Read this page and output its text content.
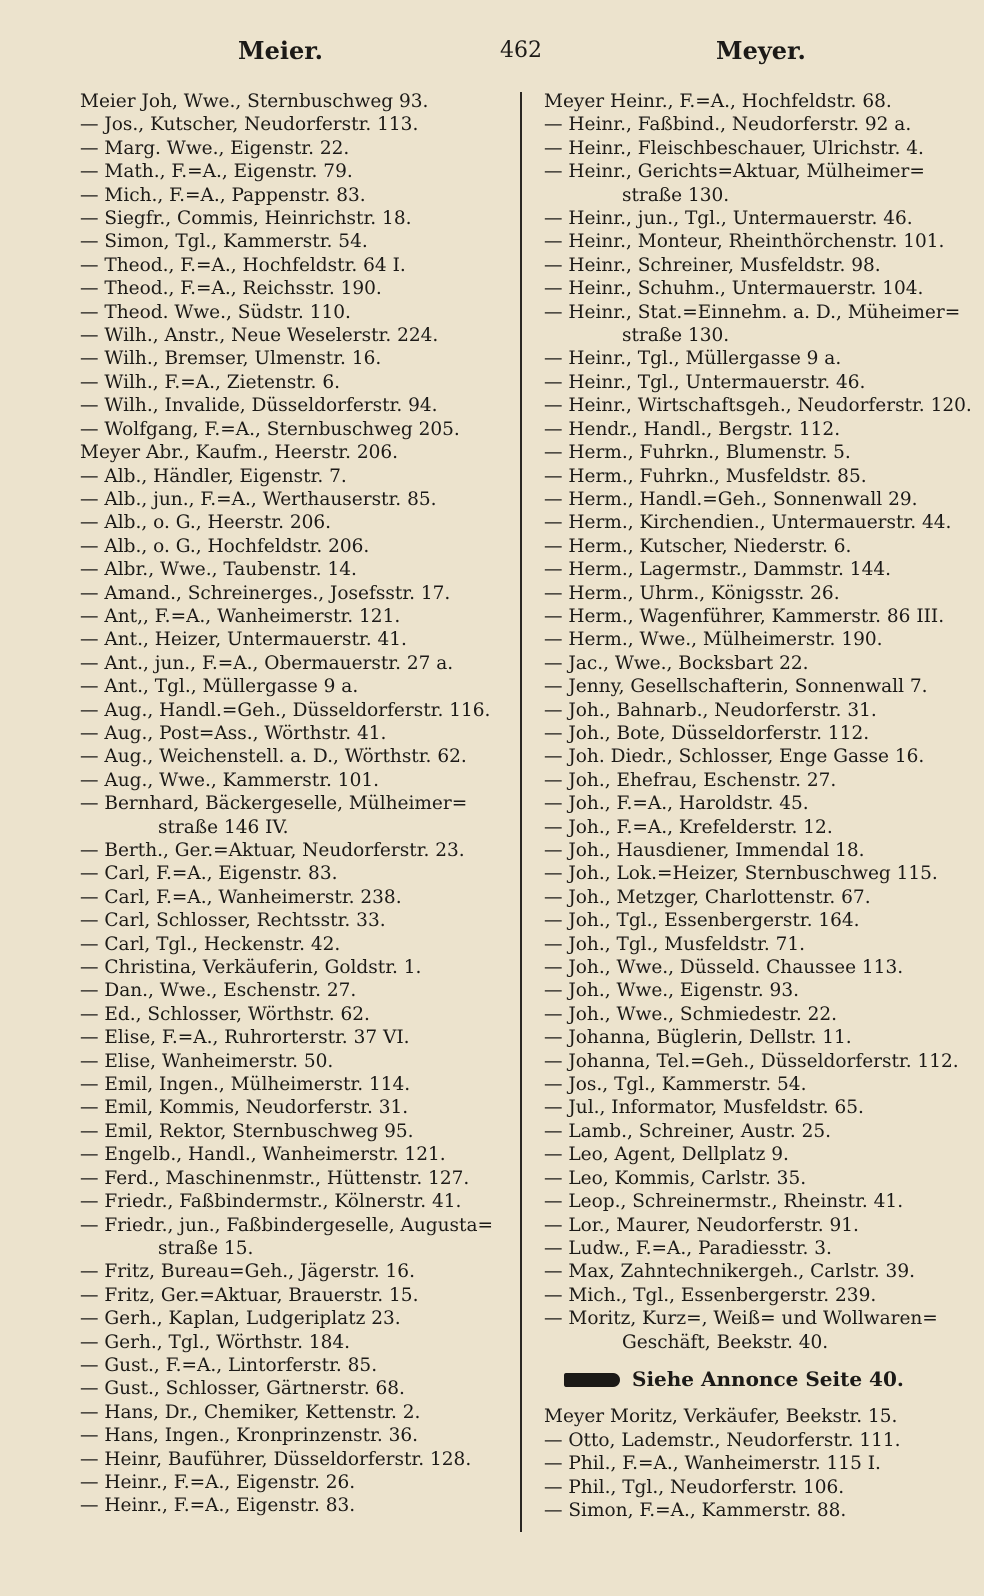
Meier.	462	Meyer.
Meier Joh, Wwe., Sternbuschweg 93.
— Jos., Kutscher, Neudorferstr. 113.
— Marg. Wwe., Eigenstr. 22.
— Math., F.=A., Eigenstr. 79.
— Mich., F.=A., Pappenstr. 83.
— Siegfr., Commis, Heinrichstr. 18.
— Simon, Tgl., Kammerstr. 54.
— Theod., F.=A., Hochfeldstr. 64 I.
— Theod., F.=A., Reichsstr. 190.
— Theod. Wwe., Südstr. 110.
— Wilh., Anstr., Neue Weselerstr. 224.
— Wilh., Bremser, Ulmenstr. 16.
— Wilh., F.=A., Zietenstr. 6.
— Wilh., Invalide, Düsseldorferstr. 94.
— Wolfgang, F.=A., Sternbuschweg 205.
Meyer Abr., Kaufm., Heerstr. 206.
— Alb., Händler, Eigenstr. 7.
— Alb., jun., F.=A., Werthauserstr. 85.
— Alb., o. G., Heerstr. 206.
— Alb., o. G., Hochfeldstr. 206.
— Albr., Wwe., Taubenstr. 14.
— Amand., Schreinerges., Josefsstr. 17.
— Ant,, F.=A., Wanheimerstr. 121.
— Ant., Heizer, Untermauerstr. 41.
— Ant., jun., F.=A., Obermauerstr. 27 a.
— Ant., Tgl., Müllergasse 9 a.
— Aug., Handl.=Geh., Düsseldorferstr. 116.
— Aug., Post=Ass., Wörthstr. 41.
— Aug., Weichenstell. a. D., Wörthstr. 62.
— Aug., Wwe., Kammerstr. 101.
— Bernhard, Bäckergeselle, Mülheimer=
straße 146 IV.
— Berth., Ger.=Aktuar, Neudorferstr. 23.
— Carl, F.=A., Eigenstr. 83.
— Carl, F.=A., Wanheimerstr. 238.
— Carl, Schlosser, Rechtsstr. 33.
— Carl, Tgl., Heckenstr. 42.
— Christina, Verkäuferin, Goldstr. 1.
— Dan., Wwe., Eschenstr. 27.
— Ed., Schlosser, Wörthstr. 62.
— Elise, F.=A., Ruhrorterstr. 37 VI.
— Elise, Wanheimerstr. 50.
— Emil, Ingen., Mülheimerstr. 114.
— Emil, Kommis, Neudorferstr. 31.
— Emil, Rektor, Sternbuschweg 95.
— Engelb., Handl., Wanheimerstr. 121.
— Ferd., Maschinenmstr., Hüttenstr. 127.
— Friedr., Faßbindermstr., Kölnerstr. 41.
— Friedr., jun., Faßbindergeselle, Augusta=
straße 15.
— Fritz, Bureau=Geh., Jägerstr. 16.
— Fritz, Ger.=Aktuar, Brauerstr. 15.
— Gerh., Kaplan, Ludgeriplatz 23.
— Gerh., Tgl., Wörthstr. 184.
— Gust., F.=A., Lintorferstr. 85.
— Gust., Schlosser, Gärtnerstr. 68.
— Hans, Dr., Chemiker, Kettenstr. 2.
— Hans, Ingen., Kronprinzenstr. 36.
— Heinr, Bauführer, Düsseldorferstr. 128.
— Heinr., F.=A., Eigenstr. 26.
— Heinr., F.=A., Eigenstr. 83.
Meyer Heinr., F.=A., Hochfeldstr. 68.
— Heinr., Faßbind., Neudorferstr. 92 a.
— Heinr., Fleischbeschauer, Ulrichstr. 4.
— Heinr., Gerichts=Aktuar, Mülheimer=
straße 130.
— Heinr., jun., Tgl., Untermauerstr. 46.
— Heinr., Monteur, Rheinthörchenstr. 101.
— Heinr., Schreiner, Musfeldstr. 98.
— Heinr., Schuhm., Untermauerstr. 104.
— Heinr., Stat.=Einnehm. a. D., Müheimer=
straße 130.
— Heinr., Tgl., Müllergasse 9 a.
— Heinr., Tgl., Untermauerstr. 46.
— Heinr., Wirtschaftsgeh., Neudorferstr. 120.
— Hendr., Handl., Bergstr. 112.
— Herm., Fuhrkn., Blumenstr. 5.
— Herm., Fuhrkn., Musfeldstr. 85.
— Herm., Handl.=Geh., Sonnenwall 29.
— Herm., Kirchendien., Untermauerstr. 44.
— Herm., Kutscher, Niederstr. 6.
— Herm., Lagermstr., Dammstr. 144.
— Herm., Uhrm., Königsstr. 26.
— Herm., Wagenführer, Kammerstr. 86 III.
— Herm., Wwe., Mülheimerstr. 190.
— Jac., Wwe., Bocksbart 22.
— Jenny, Gesellschafterin, Sonnenwall 7.
— Joh., Bahnarb., Neudorferstr. 31.
— Joh., Bote, Düsseldorferstr. 112.
— Joh. Diedr., Schlosser, Enge Gasse 16.
— Joh., Ehefrau, Eschenstr. 27.
— Joh., F.=A., Haroldstr. 45.
— Joh., F.=A., Krefelderstr. 12.
— Joh., Hausdiener, Immendal 18.
— Joh., Lok.=Heizer, Sternbuschweg 115.
— Joh., Metzger, Charlottenstr. 67.
— Joh., Tgl., Essenbergerstr. 164.
— Joh., Tgl., Musfeldstr. 71.
— Joh., Wwe., Düsseld. Chaussee 113.
— Joh., Wwe., Eigenstr. 93.
— Joh., Wwe., Schmiedestr. 22.
— Johanna, Büglerin, Dellstr. 11.
— Johanna, Tel.=Geh., Düsseldorferstr. 112.
— Jos., Tgl., Kammerstr. 54.
— Jul., Informator, Musfeldstr. 65.
— Lamb., Schreiner, Austr. 25.
— Leo, Agent, Dellplatz 9.
— Leo, Kommis, Carlstr. 35.
— Leop., Schreinermstr., Rheinstr. 41.
— Lor., Maurer, Neudorferstr. 91.
— Ludw., F.=A., Paradiesstr. 3.
— Max, Zahntechnikergeh., Carlstr. 39.
— Mich., Tgl., Essenbergerstr. 239.
— Moritz, Kurz=, Weiß= und Wollwaren=
Geschäft, Beekstr. 40.
Siehe Annonce Seite 40.
Meyer Moritz, Verkäufer, Beekstr. 15.
— Otto, Lademstr., Neudorferstr. 111.
— Phil., F.=A., Wanheimerstr. 115 I.
— Phil., Tgl., Neudorferstr. 106.
— Simon, F.=A., Kammerstr. 88.
